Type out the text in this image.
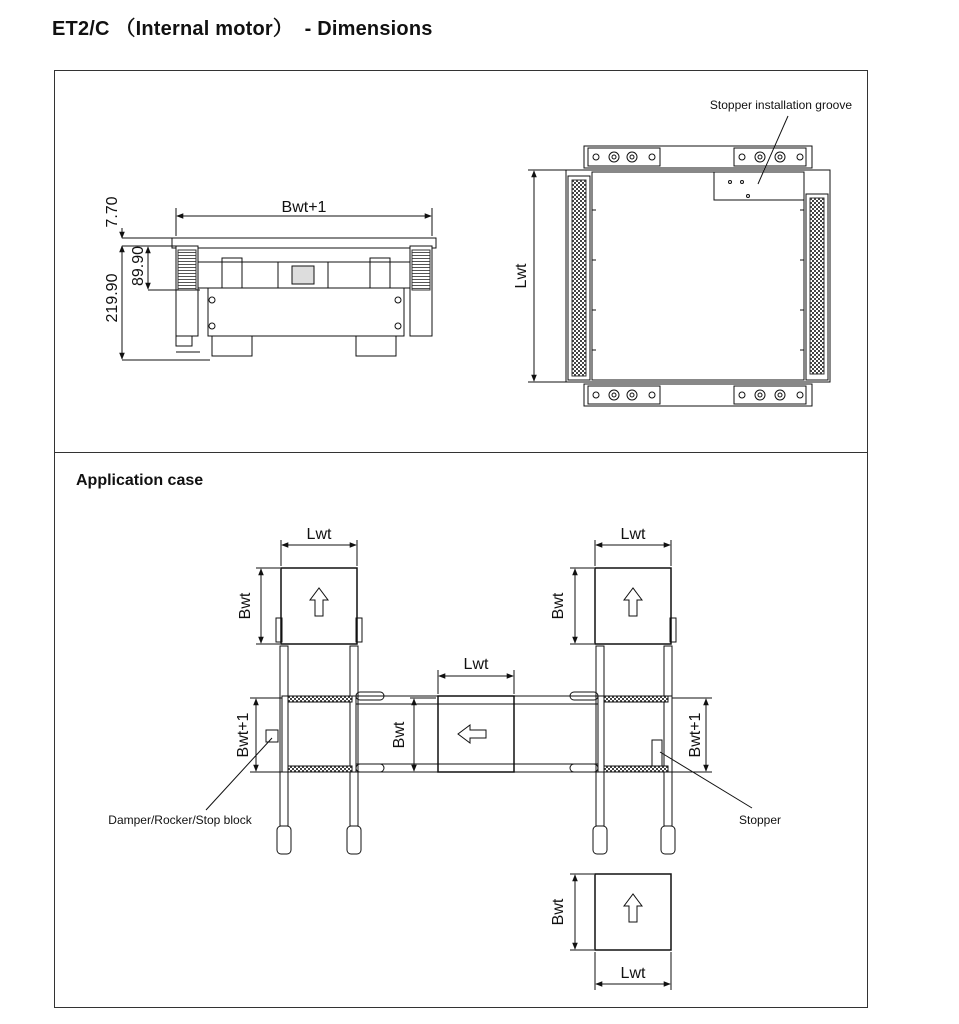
ET2/C （Internal motor）  - Dimensions
Application case
Bwt+1
7.70
89.90
219.90	Lwt
Stopper installation groove
Lwt
Bwt
Lwt
Bwt
Bwt+1	Bwt+1
Lwt
Bwt
Bwt
Lwt
Damper/Rocker/Stop block	Stopper
